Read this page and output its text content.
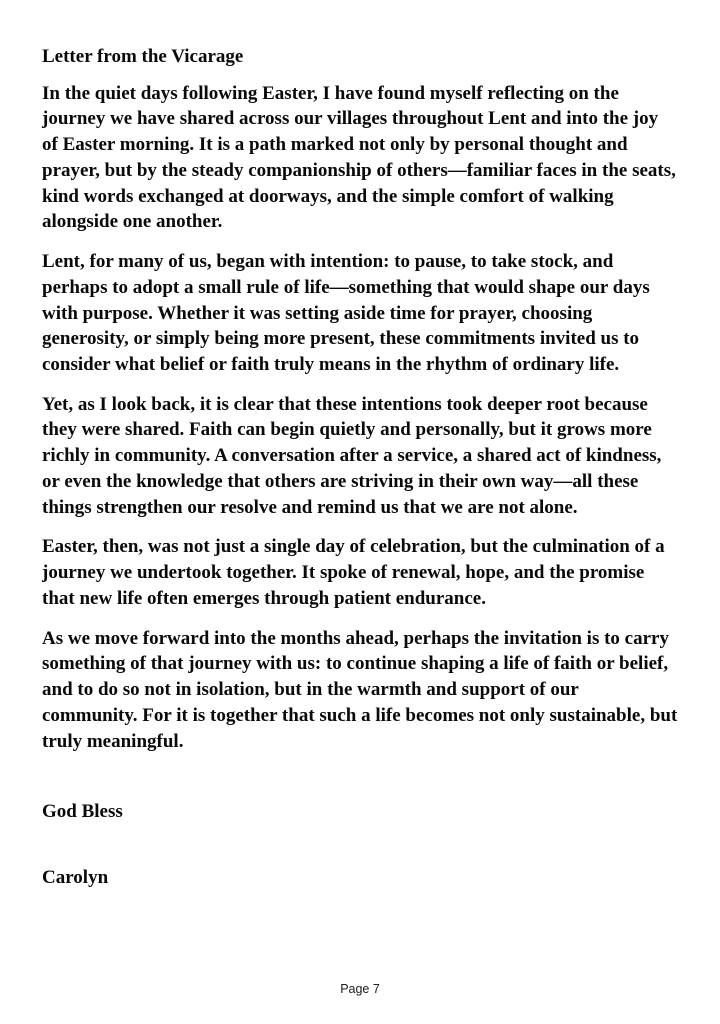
Letter from the Vicarage

In the quiet days following Easter, I have found myself reflecting on the journey we have shared across our villages throughout Lent and into the joy of Easter morning. It is a path marked not only by personal thought and prayer, but by the steady companionship of others—familiar faces in the seats, kind words exchanged at doorways, and the simple comfort of walking alongside one another.

Lent, for many of us, began with intention: to pause, to take stock, and perhaps to adopt a small rule of life—something that would shape our days with purpose. Whether it was setting aside time for prayer, choosing generosity, or simply being more present, these commitments invited us to consider what belief or faith truly means in the rhythm of ordinary life.

Yet, as I look back, it is clear that these intentions took deeper root because they were shared. Faith can begin quietly and personally, but it grows more richly in community. A conversation after a service, a shared act of kindness, or even the knowledge that others are striving in their own way—all these things strengthen our resolve and remind us that we are not alone.

Easter, then, was not just a single day of celebration, but the culmination of a journey we undertook together. It spoke of renewal, hope, and the promise that new life often emerges through patient endurance.

As we move forward into the months ahead, perhaps the invitation is to carry something of that journey with us: to continue shaping a life of faith or belief, and to do so not in isolation, but in the warmth and support of our community. For it is together that such a life becomes not only sustainable, but truly meaningful.

God Bless
Carolyn
Page 7
